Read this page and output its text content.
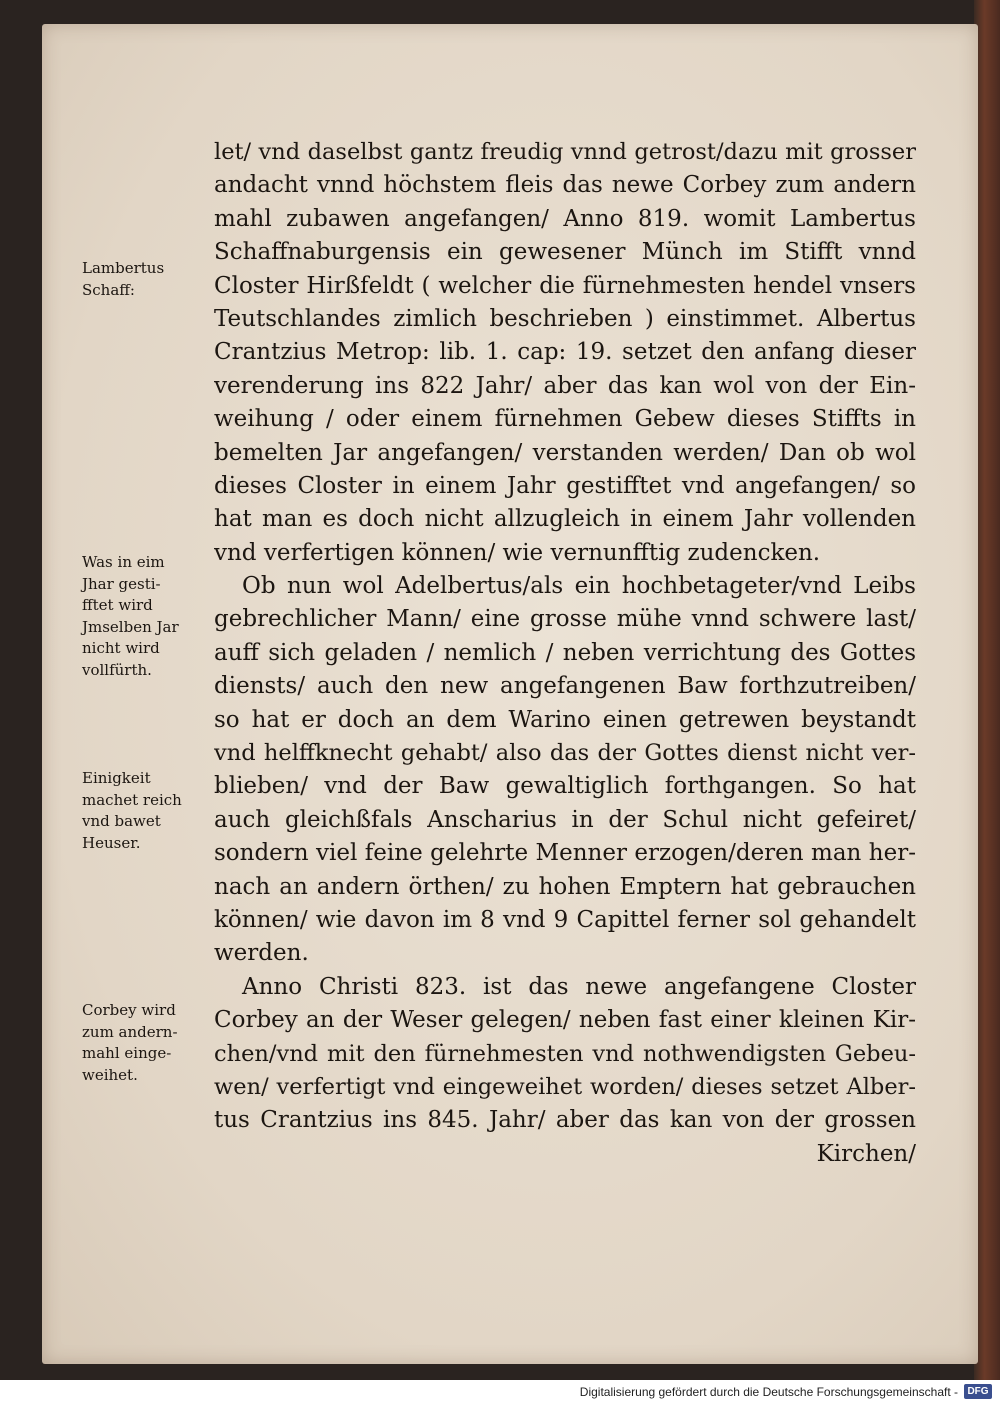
let/ vnd daselbst gantz freudig vnnd getrost/dazu mit grosser
andacht vnnd höchstem fleis das newe Corbey zum andern
mahl zubawen angefangen/ Anno 819. womit Lambertus
Schaffnaburgensis ein gewesener Münch im Stifft vnnd
Closter Hirßfeldt ( welcher die fürnehmesten hendel vnsers
Teutschlandes zimlich beschrieben ) einstimmet. Albertus
Crantzius Metrop: lib. 1. cap: 19. setzet den anfang dieser
verenderung ins 822 Jahr/ aber das kan wol von der Ein-
weihung / oder einem fürnehmen Gebew dieses Stiffts in
bemelten Jar angefangen/ verstanden werden/ Dan ob wol
dieses Closter in einem Jahr gestifftet vnd angefangen/ so
hat man es doch nicht allzugleich in einem Jahr vollenden
vnd verfertigen können/ wie vernunfftig zudencken.
Ob nun wol Adelbertus/als ein hochbetageter/vnd Leibs
gebrechlicher Mann/ eine grosse mühe vnnd schwere last/
auff sich geladen / nemlich / neben verrichtung des Gottes
diensts/ auch den new angefangenen Baw forthzutreiben/
so hat er doch an dem Warino einen getrewen beystandt
vnd helffknecht gehabt/ also das der Gottes dienst nicht ver-
blieben/ vnd der Baw gewaltiglich forthgangen. So hat
auch gleichßfals Anscharius in der Schul nicht gefeiret/
sondern viel feine gelehrte Menner erzogen/deren man her-
nach an andern örthen/ zu hohen Emptern hat gebrauchen
können/ wie davon im 8 vnd 9 Capittel ferner sol gehandelt
werden.
Anno Christi 823. ist das newe angefangene Closter
Corbey an der Weser gelegen/ neben fast einer kleinen Kir-
chen/vnd mit den fürnehmesten vnd nothwendigsten Gebeu-
wen/ verfertigt vnd eingeweihet worden/ dieses setzet Alber-
tus Crantzius ins 845. Jahr/ aber das kan von der grossen
Kirchen/
Lambertus
Schaff:
Was in eim
Jhar gesti-
fftet wird
Jmselben Jar
nicht wird
vollfürth.
Einigkeit
machet reich
vnd bawet
Heuser.
Corbey wird
zum andern-
mahl einge-
weihet.
Digitalisierung gefördert durch die Deutsche Forschungsgemeinschaft - DFG
